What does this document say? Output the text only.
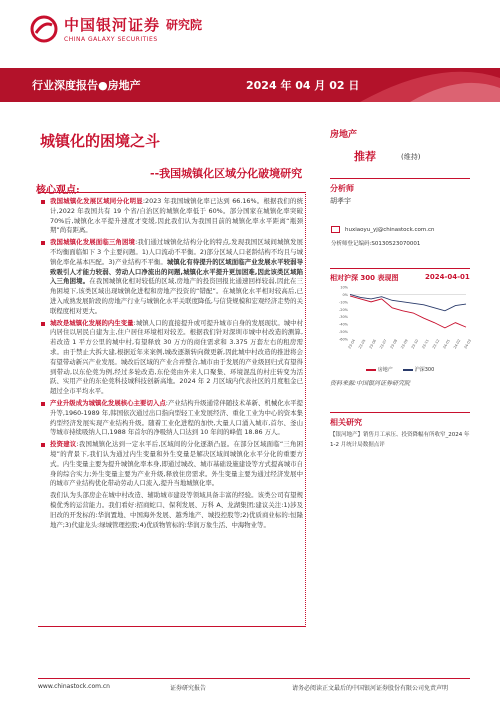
中国银河证券
CHINA GALAXY SECURITIES
研究院
行业深度报告●房地产	2024 年 04 月 02 日
城镇化的困境之斗
--我国城镇化区域分化破境研究
核心观点:
我国城镇化发展区域同分化明显:2023 年我国城镇化率已达到 66.16%。根据我们的统计,2022 年我国共有 19 个省/自治区的城镇化率低于 60%。部分国家在城镇化率突破 70%后,城镇化水平提升速度才变缓,因此我们认为我国目前的城镇化率水平距离“瓶颈期”尚有距离。
我国城镇化发展面临三角困境:我们通过城镇化结构分化的特点,发现我国区域间城镇发展不均衡面临如下 3 个主要问题。1)人口流动不平衡。2)部分区域人口老龄结构不均且与城镇化率化基本匹配。3)产业结构不平衡。城镇化有待提升的区域面临产业发展水平较弱导致吸引人才能力较弱、劳动人口净流出的问题,城镇化水平提升更加困难,因此该类区域陷入三角困境。在我国城镇化相对较低的区域,房地产的投资回报比通速回样较弱,因此在三角困境下,该类区域出现城镇化进程和房地产投资的“错配”。在城镇化水平相对较高后,已进入成熟发展阶段的房地产行业与城镇化水平关联度降低,与信贷规模和宏观经济走势的关联程度相对更大。
城改是城镇化发展的内生变量:城镇人口的直接提升或可提升城市自身的发展现状。城中村内居住以居民自建为主,住户居住环境相对较差。根据我们针对深圳市城中村改造的测算,若改造 1 平方公里的城中村,有望释放 30 万方的商住需求和 3.375 万套左右的租房需求。由于禁止大拆大建,根据近年来案例,城改逐渐转向微更新,因此城中村改造的推进将会有望带动新兴产业发展。城改后区域的产业合并整合,城市由于发展的产业级回归式有望得到带动,以东伦莞为例,经过多轮改造,东伦莞由外来人口聚集、环境混乱的村庄转变为活跃、实用产业的东伦莞科技城科技创新高地。2024 年 2 月区域内代表社区的月度租金已超过全市平均水平。
产业升级成为城镇化发展核心主要切入点:产业结构升级通常伴随技术革新、机械化水平提升等,1960-1989 年,韩国依次通过出口指向型轻工业发展经济、重化工业为中心的资本集约型经济发展实现产业结构升级。随着工业化进程的加快,大量人口涌入城市,首尔、釜山等城市持续吸纳人口,1988 年首尔的净吸纳人口达到 10 年间的峰值 18.86 万人。
投资建议:我国城镇化达到一定水平后,区域间的分化逐渐凸显。在部分区域面临“三角困境”的背景下,我们认为通过内生变量和外生变量是解决区域间城镇化水平分化的重要方式。内生变量主要为提升城镇化率本身,即通过城改、城市基础设施建设等方式提高城市自身的综合实力;外生变量主要为产业升级,释放住房需求。外生变量主要为通过经济发展中的城市产业结构优化带动劳动人口流入,提升当地城镇化率。
我们认为头部房企在城中村改造、辅助城市建设等领域具备丰富的经验。该类公司有望规模优秀的运营能力。我们看好:招商蛇口、保利发展、万科 A、龙湖集团;建议关注:1)涉及旧改的开发标的:华润置地、中国海外发展、越秀地产、城投控股等;2)优质商业标的:恒隆地产;3)代建龙头:绿城管理控股;4)优质物管标的:华润万象生活、中海物业等。
房地产
推荐	(维持)
分析师
胡孝宇
huxiaoyu_yj@chinastock.com.cn
分析师登记编码:S0130523070001
相对沪深 300 表现图	2024-04-01
10%
0%
-10%
-20%
-30%
-40%
-50%
-60% 23-04 23-05 23-06 23-07 23-08 23-09 23-10 23-11 23-12 24-01 24-02 24-03
房地产	沪深300
资料来源:中国银河证券研究院
相关研究
【银河地产】销售月工承压、投资降幅有所收窄_2024 年 1-2 月统计局数据点评
www.chinastock.com.cn	证券研究报告	请务必阅读正文最后的中国银河证券股份有限公司免责声明
